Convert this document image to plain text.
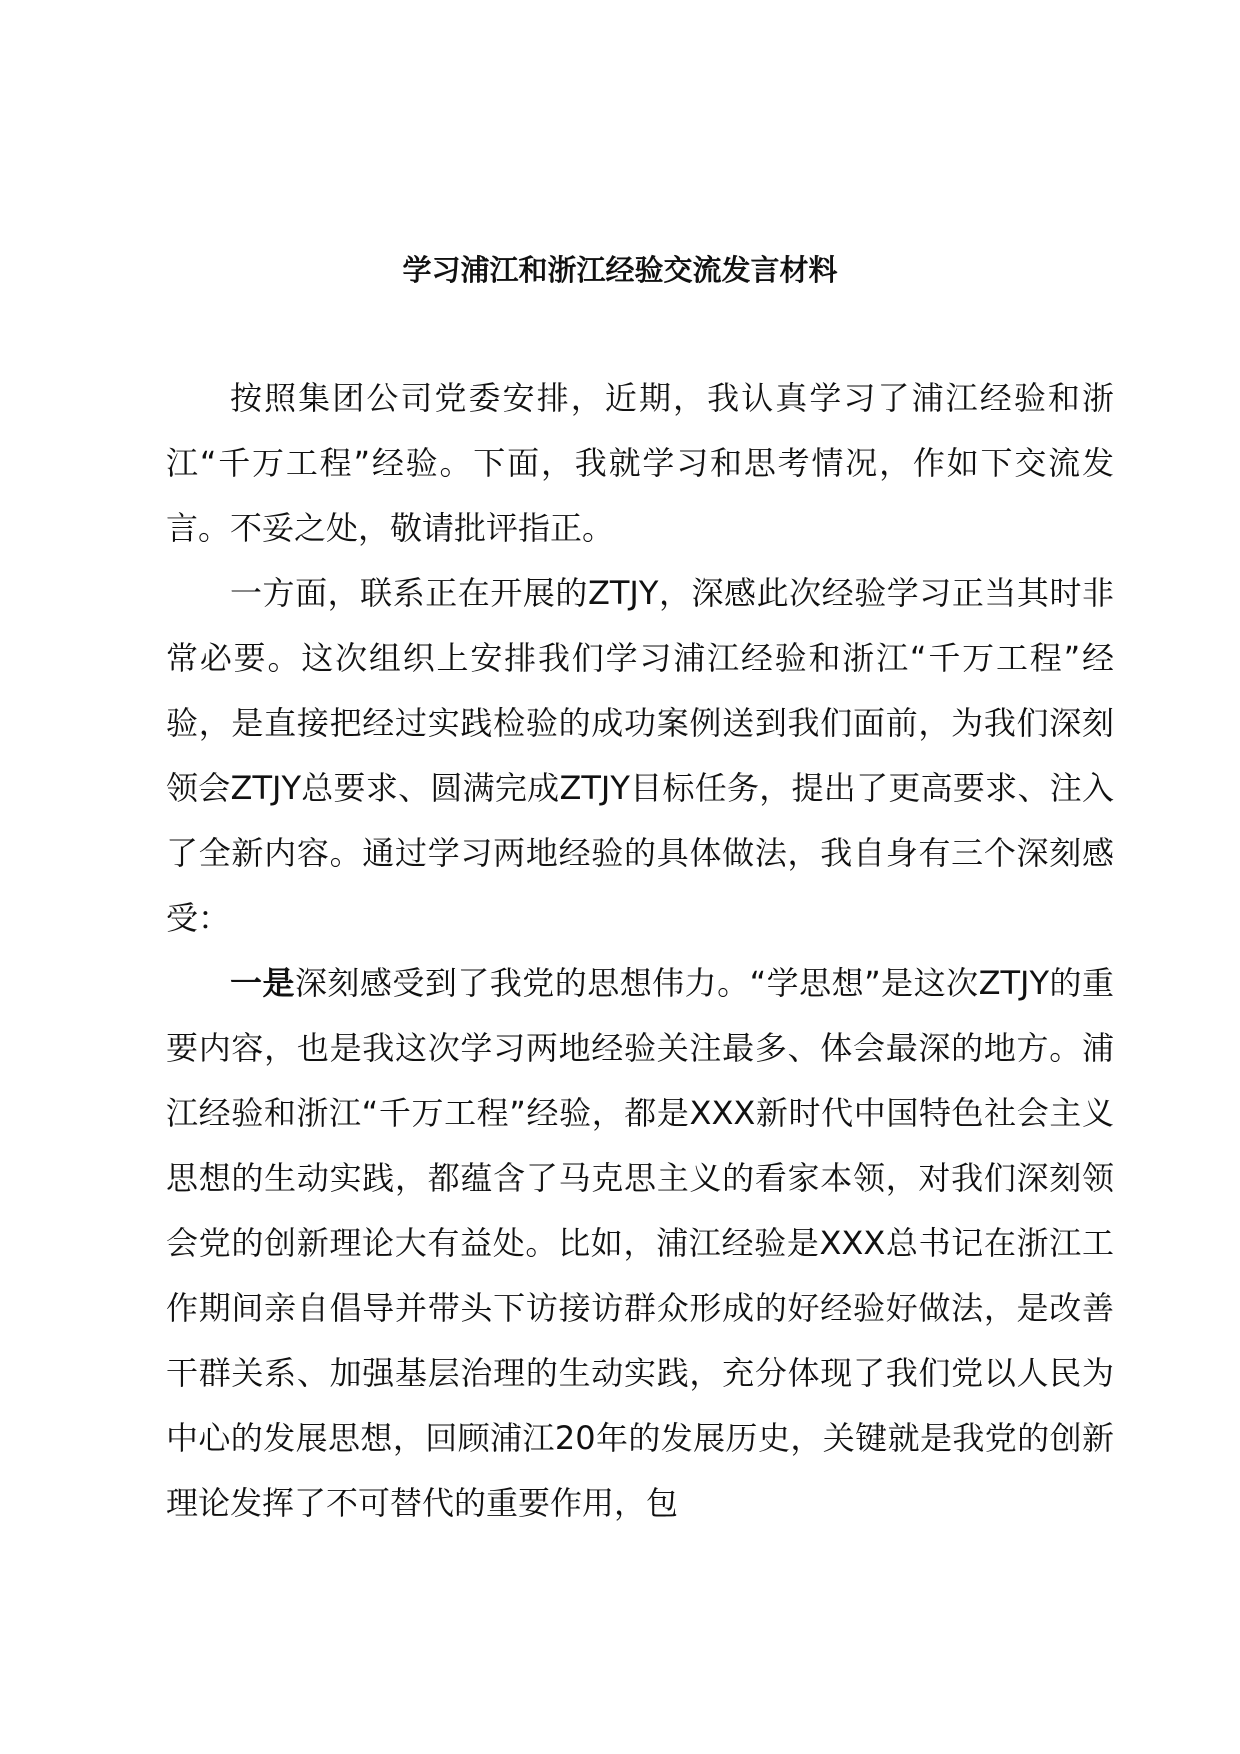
学习浦江和浙江经验交流发言材料

按照集团公司党委安排，近期，我认真学习了浦江经验和浙江“千万工程”经验。下面，我就学习和思考情况，作如下交流发言。不妥之处，敬请批评指正。

一方面，联系正在开展的ZTJY，深感此次经验学习正当其时非常必要。这次组织上安排我们学习浦江经验和浙江“千万工程”经验，是直接把经过实践检验的成功案例送到我们面前，为我们深刻领会ZTJY总要求、圆满完成ZTJY目标任务，提出了更高要求、注入了全新内容。通过学习两地经验的具体做法，我自身有三个深刻感受：

一是深刻感受到了我党的思想伟力。“学思想”是这次ZTJY的重要内容，也是我这次学习两地经验关注最多、体会最深的地方。浦江经验和浙江“千万工程”经验，都是XXX新时代中国特色社会主义思想的生动实践，都蕴含了马克思主义的看家本领，对我们深刻领会党的创新理论大有益处。比如，浦江经验是XXX总书记在浙江工作期间亲自倡导并带头下访接访群众形成的好经验好做法，是改善干群关系、加强基层治理的生动实践，充分体现了我们党以人民为中心的发展思想，回顾浦江20年的发展历史，关键就是我党的创新理论发挥了不可替代的重要作用，包
